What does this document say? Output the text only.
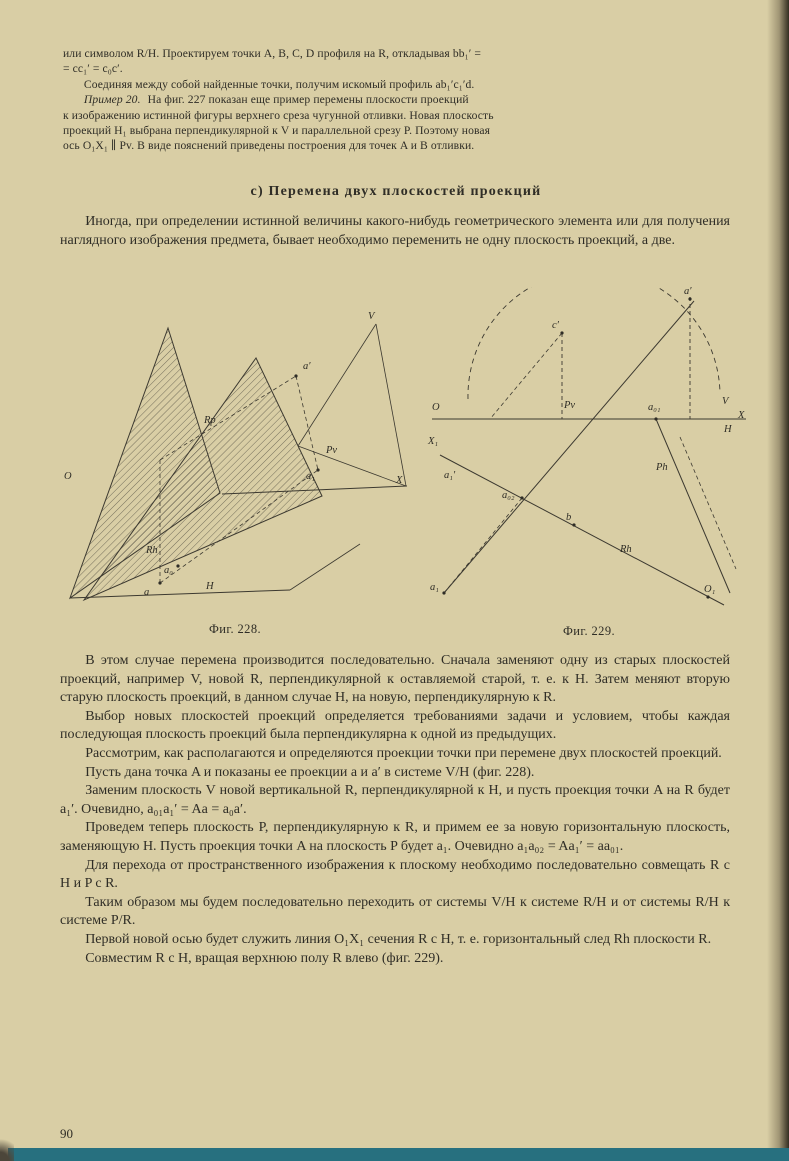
или символом R/H. Проектируем точки A, B, C, D профиля на R, откладывая bb₁′ =
= cc₁′ = c₀c′.
Соединяя между собой найденные точки, получим искомый профиль ab₁′c₁′d.
Пример 20. На фиг. 227 показан еще пример перемены плоскости проекций
к изображению истинной фигуры верхнего среза чугунной отливки. Новая плоскость
проекций H₁ выбрана перпендикулярной к V и параллельной срезу P. Поэтому новая
ось O₁X₁ ∥ Pv. В виде пояснений приведены построения для точек A и B отливки.
с) Перемена двух плоскостей проекций

Иногда, при определении истинной величины какого-нибудь геометрического элемента или для получения наглядного изображения предмета, бывает необходимо переменить не одну плоскость проекций, а две.

V
a′
Rp
Pv
X
O	a₁
Rh
a₀
H
a
Фиг. 228.
a′
c′
Pv
O	a₀₁
V
X
H
X₁
a₁′
a₀₂
b
Ph
Rh
O₁
a₁
Фиг. 229.

В этом случае перемена производится последовательно. Сначала заменяют одну из старых плоскостей проекций, например V, новой R, перпендикулярной к оставляемой старой, т. е. к H. Затем меняют вторую старую плоскость проекций, в данном случае H, на новую, перпендикулярную к R.

Выбор новых плоскостей проекций определяется требованиями задачи и условием, чтобы каждая последующая плоскость проекций была перпендикулярна к одной из предыдущих.

Рассмотрим, как располагаются и определяются проекции точки при перемене двух плоскостей проекций.

Пусть дана точка A и показаны ее проекции a и a′ в системе V/H (фиг. 228).

Заменим плоскость V новой вертикальной R, перпендикулярной к H, и пусть проекция точки A на R будет a₁′. Очевидно, a₀₁a₁′ = Aa = a₀a′.

Проведем теперь плоскость P, перпендикулярную к R, и примем ее за новую горизонтальную плоскость, заменяющую H. Пусть проекция точки A на плоскость P будет a₁. Очевидно a₁a₀₂ = Aa₁′ = aa₀₁.

Для перехода от пространственного изображения к плоскому необходимо последовательно совмещать R с H и P с R.

Таким образом мы будем последовательно переходить от системы V/H к системе R/H и от системы R/H к системе P/R.

Первой новой осью будет служить линия O₁X₁ сечения R с H, т. е. горизонтальный след Rh плоскости R.

Совместим R с H, вращая верхнюю полу R влево (фиг. 229).

90
